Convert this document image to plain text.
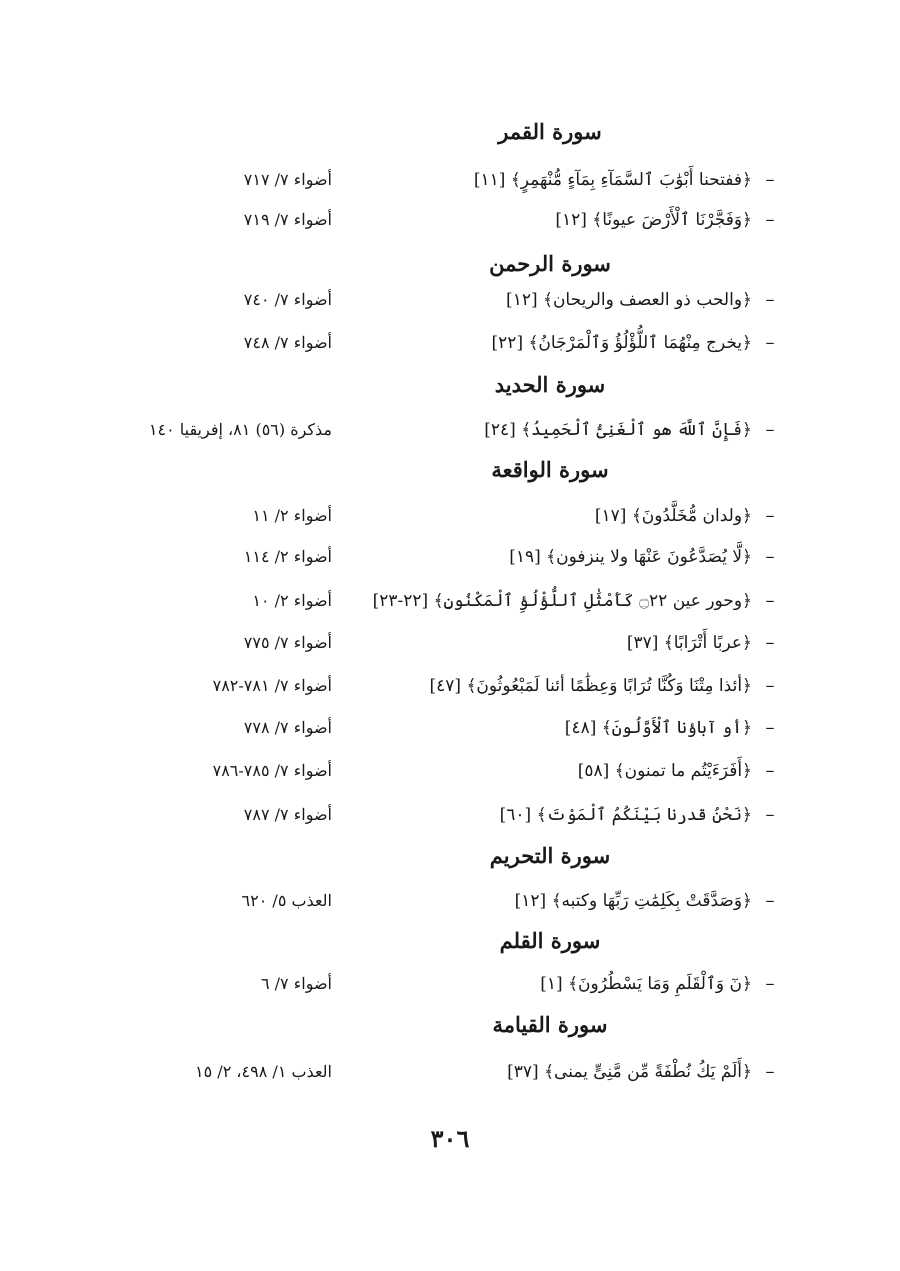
سورة القمر
–
﴿ففتحنا أَبْوَٰبَ ٱلسَّمَآءِ بِمَآءٍ مُّنْهَمِرٍ﴾ [١١]
أضواء ٧/ ٧١٧
–
﴿وَفَجَّرْنَا ٱلْأَرْضَ عيونًا﴾ [١٢]
أضواء ٧/ ٧١٩
سورة الرحمن
–
﴿والحب ذو العصف والريحان﴾ [١٢]
أضواء ٧/ ٧٤٠
–
﴿يخرج مِنْهُمَا ٱللُّؤْلُؤُ وَٱلْمَرْجَانُ﴾ [٢٢]
أضواء ٧/ ٧٤٨
سورة الحديد
–
﴿فَإِنَّ ٱللَّهَ هو ٱلْغَنِىُّ ٱلْحَمِيدُ﴾ [٢٤]
مذكرة (٥٦) ٨١، إفريقيا ١٤٠
سورة الواقعة
–
﴿ولدان مُّخَلَّدُونَ﴾ [١٧]
أضواء ٢/ ١١
–
﴿لَّا يُصَدَّعُونَ عَنْهَا ولا ينزفون﴾ [١٩]
أضواء ٢/ ١١٤
–
﴿وحور عين ۝٢٢ كَأَمْثَٰلِ ٱللُّؤْلُؤِ ٱلْمَكْنُونِ﴾ [٢٢-٢٣]
أضواء ٢/ ١٠
–
﴿عربًا أَتْرَابًا﴾ [٣٧]
أضواء ٧/ ٧٧٥
–
﴿أئذا مِتْنَا وَكُنَّا تُرَابًا وَعِظَٰمًا أئنا لَمَبْعُوثُونَ﴾ [٤٧]
أضواء ٧/ ٧٨١-٧٨٢
–
﴿أو آباؤنا ٱلْأَوَّلُونَ﴾ [٤٨]
أضواء ٧/ ٧٧٨
–
﴿أَفَرَءَيْتُم ما تمنون﴾ [٥٨]
أضواء ٧/ ٧٨٥-٧٨٦
–
﴿نَحْنُ قدرنا بَيْنَكُمُ ٱلْمَوْتَ﴾ [٦٠]
أضواء ٧/ ٧٨٧
سورة التحريم
–
﴿وَصَدَّقَتْ بِكَلِمَٰتِ رَبِّهَا وكتبه﴾ [١٢]
العذب ٥/ ٦٢٠
سورة القلم
–
﴿نٓ وَٱلْقَلَمِ وَمَا يَسْطُرُونَ﴾ [١]
أضواء ٧/ ٦
سورة القيامة
–
﴿أَلَمْ يَكُ نُطْفَةً مِّن مَّنِىٍّ يمنى﴾ [٣٧]
العذب ١/ ٤٩٨، ٢/ ١٥
٣٠٦
